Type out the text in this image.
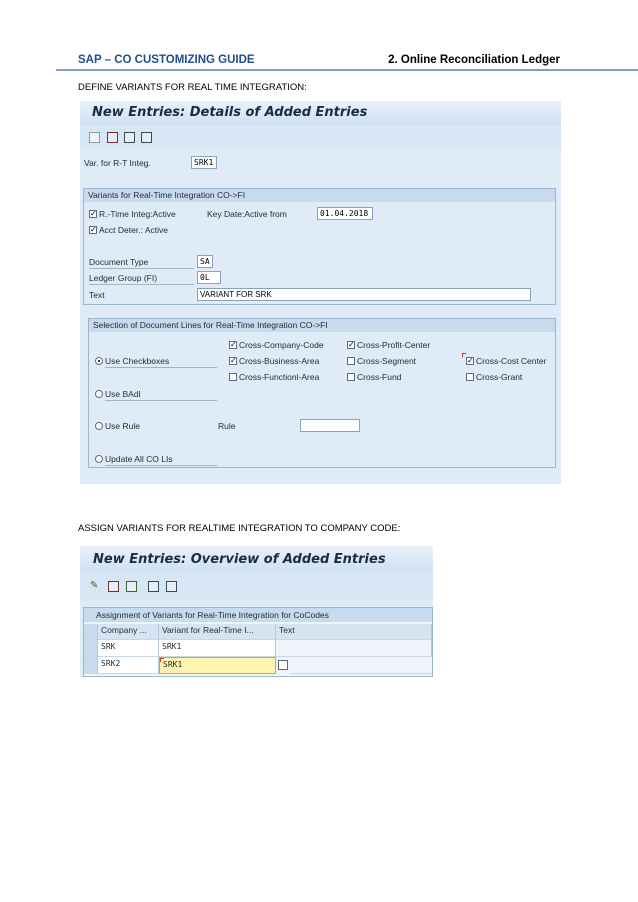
SAP – CO CUSTOMIZING GUIDE	2. Online Reconciliation Ledger
DEFINE VARIANTS FOR REAL TIME INTEGRATION:
New Entries: Details of Added Entries
Var. for R-T Integ.	SRK1
Variants for Real-Time Integration CO->FI
✓ R.-Time Integ:Active	Key Date:Active from	01.04.2018
✓ Acct Deter.: Active
Document Type	SA
Ledger Group (FI)	0L
Text	VARIANT FOR SRK
Selection of Document Lines for Real-Time Integration CO->FI
Use Checkboxes
Use BAdI
Use Rule	Rule
Update All CO LIs
✓ Cross-Company-Code	✓ Cross-Profit-Center
✓ Cross-Business-Area	Cross-Segment	✓ Cross-Cost Center
Cross-Functionl-Area	Cross-Fund	Cross-Grant
ASSIGN VARIANTS FOR REALTIME INTEGRATION TO COMPANY CODE:
New Entries: Overview of Added Entries
✎
Assignment of Variants for Real-Time Integration for CoCodes
Company ...	Variant for Real-Time I...	Text
SRK	SRK1
SRK2	SRK1
